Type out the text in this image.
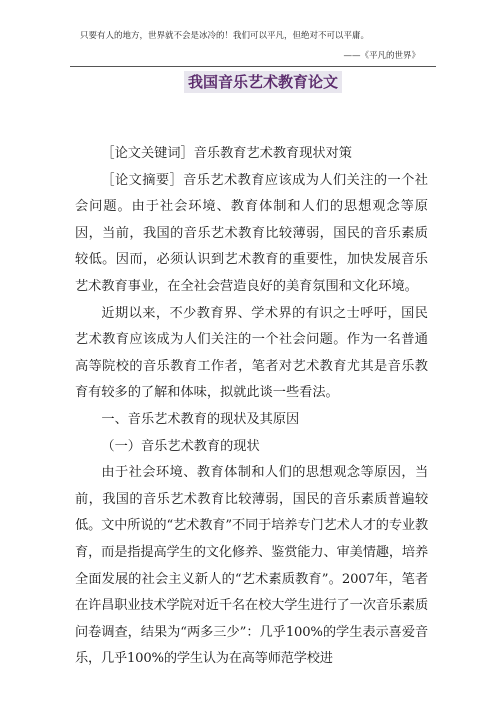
只要有人的地方，世界就不会是冰冷的！我们可以平凡，但绝对不可以平庸。
——《平凡的世界》
我国音乐艺术教育论文

［论文关键词］音乐教育艺术教育现状对策

［论文摘要］音乐艺术教育应该成为人们关注的一个社会问题。由于社会环境、教育体制和人们的思想观念等原因，当前，我国的音乐艺术教育比较薄弱，国民的音乐素质较低。因而，必须认识到艺术教育的重要性，加快发展音乐艺术教育事业，在全社会营造良好的美育氛围和文化环境。

近期以来，不少教育界、学术界的有识之士呼吁，国民艺术教育应该成为人们关注的一个社会问题。作为一名普通高等院校的音乐教育工作者，笔者对艺术教育尤其是音乐教育有较多的了解和体味，拟就此谈一些看法。

一、音乐艺术教育的现状及其原因

（一）音乐艺术教育的现状

由于社会环境、教育体制和人们的思想观念等原因，当前，我国的音乐艺术教育比较薄弱，国民的音乐素质普遍较低。文中所说的“艺术教育”不同于培养专门艺术人才的专业教育，而是指提高学生的文化修养、鉴赏能力、审美情趣，培养全面发展的社会主义新人的“艺术素质教育”。2007年，笔者在许昌职业技术学院对近千名在校大学生进行了一次音乐素质问卷调查，结果为“两多三少”：几乎100%的学生表示喜爱音乐，几乎100%的学生认为在高等师范学校进
